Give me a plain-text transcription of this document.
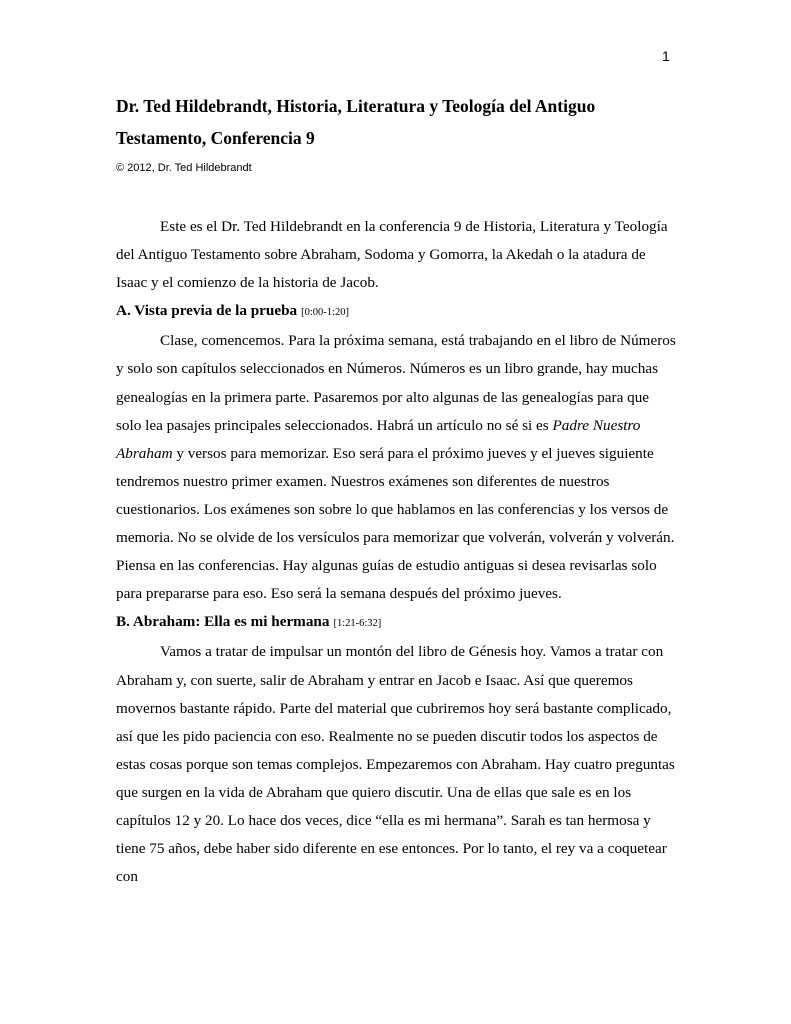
1
Dr. Ted Hildebrandt, Historia, Literatura y Teología del Antiguo Testamento, Conferencia 9

© 2012, Dr. Ted Hildebrandt

Este es el Dr. Ted Hildebrandt en la conferencia 9 de Historia, Literatura y Teología del Antiguo Testamento sobre Abraham, Sodoma y Gomorra, la Akedah o la atadura de Isaac y el comienzo de la historia de Jacob.

A. Vista previa de la prueba [0:00-1:20]

Clase, comencemos. Para la próxima semana, está trabajando en el libro de Números y solo son capítulos seleccionados en Números. Números es un libro grande, hay muchas genealogías en la primera parte. Pasaremos por alto algunas de las genealogías para que solo lea pasajes principales seleccionados. Habrá un artículo no sé si es Padre Nuestro Abraham y versos para memorizar. Eso será para el próximo jueves y el jueves siguiente tendremos nuestro primer examen. Nuestros exámenes son diferentes de nuestros cuestionarios. Los exámenes son sobre lo que hablamos en las conferencias y los versos de memoria. No se olvide de los versículos para memorizar que volverán, volverán y volverán. Piensa en las conferencias. Hay algunas guías de estudio antiguas si desea revisarlas solo para prepararse para eso. Eso será la semana después del próximo jueves.

B. Abraham: Ella es mi hermana [1:21-6:32]

Vamos a tratar de impulsar un montón del libro de Génesis hoy. Vamos a tratar con Abraham y, con suerte, salir de Abraham y entrar en Jacob e Isaac. Así que queremos movernos bastante rápido. Parte del material que cubriremos hoy será bastante complicado, así que les pido paciencia con eso. Realmente no se pueden discutir todos los aspectos de estas cosas porque son temas complejos. Empezaremos con Abraham. Hay cuatro preguntas que surgen en la vida de Abraham que quiero discutir. Una de ellas que sale es en los capítulos 12 y 20. Lo hace dos veces, dice “ella es mi hermana”. Sarah es tan hermosa y tiene 75 años, debe haber sido diferente en ese entonces. Por lo tanto, el rey va a coquetear con
